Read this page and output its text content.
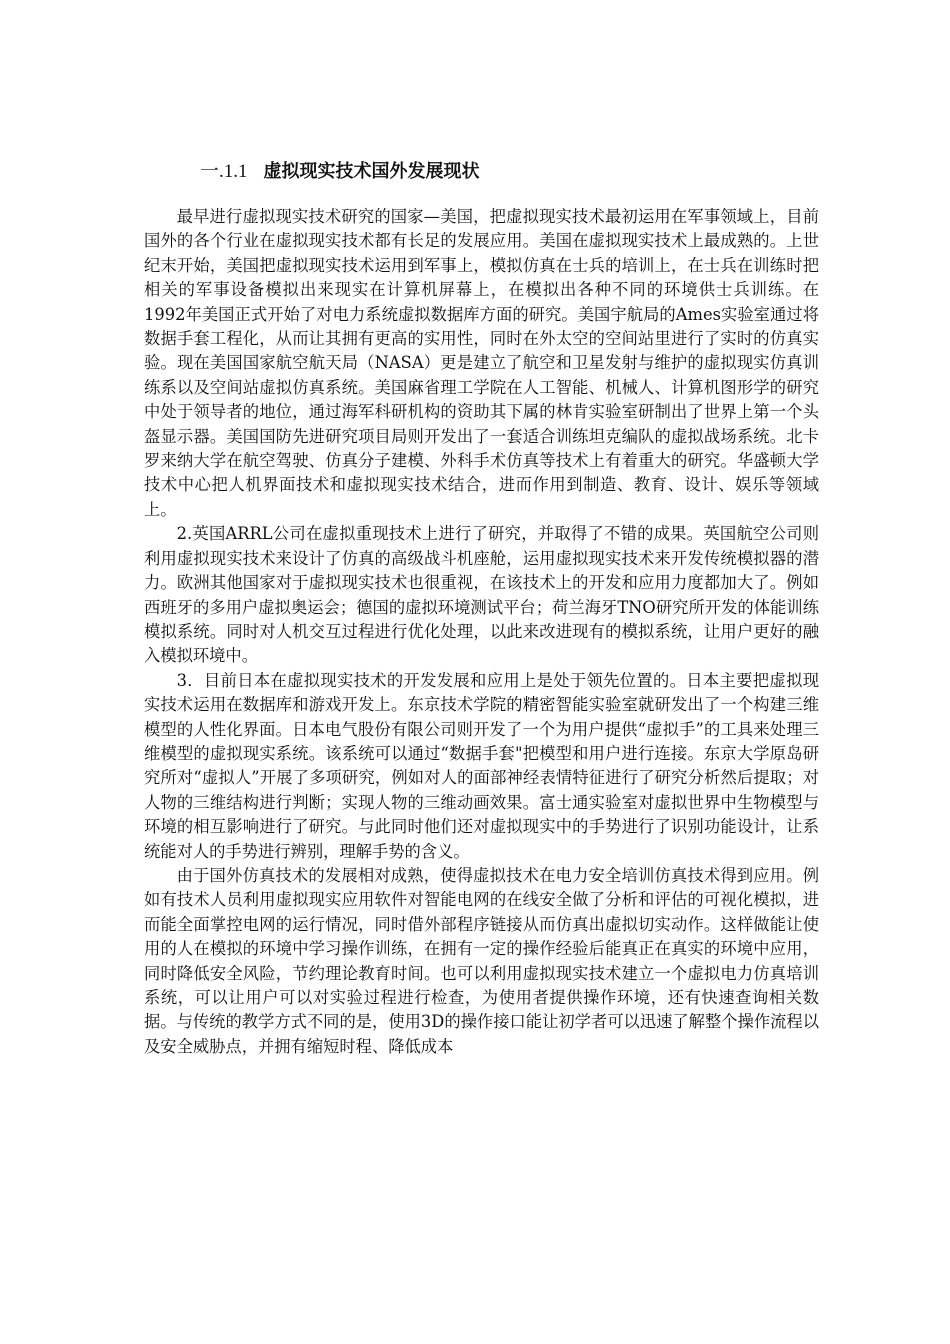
一.1.1 虚拟现实技术国外发展现状

最早进行虚拟现实技术研究的国家—美国，把虚拟现实技术最初运用在军事领域上，目前国外的各个行业在虚拟现实技术都有长足的发展应用。美国在虚拟现实技术上最成熟的。上世纪末开始，美国把虚拟现实技术运用到军事上，模拟仿真在士兵的培训上，在士兵在训练时把相关的军事设备模拟出来现实在计算机屏幕上，在模拟出各种不同的环境供士兵训练。在1992年美国正式开始了对电力系统虚拟数据库方面的研究。美国宇航局的Ames实验室通过将数据手套工程化，从而让其拥有更高的实用性，同时在外太空的空间站里进行了实时的仿真实验。现在美国国家航空航天局（NASA）更是建立了航空和卫星发射与维护的虚拟现实仿真训练系以及空间站虚拟仿真系统。美国麻省理工学院在人工智能、机械人、计算机图形学的研究中处于领导者的地位，通过海军科研机构的资助其下属的林肯实验室研制出了世界上第一个头盔显示器。美国国防先进研究项目局则开发出了一套适合训练坦克编队的虚拟战场系统。北卡罗来纳大学在航空驾驶、仿真分子建模、外科手术仿真等技术上有着重大的研究。华盛顿大学技术中心把人机界面技术和虚拟现实技术结合，进而作用到制造、教育、设计、娱乐等领域上。

2.英国ARRL公司在虚拟重现技术上进行了研究，并取得了不错的成果。英国航空公司则利用虚拟现实技术来设计了仿真的高级战斗机座舱，运用虚拟现实技术来开发传统模拟器的潜力。欧洲其他国家对于虚拟现实技术也很重视，在该技术上的开发和应用力度都加大了。例如西班牙的多用户虚拟奥运会；德国的虚拟环境测试平台；荷兰海牙TNO研究所开发的体能训练模拟系统。同时对人机交互过程进行优化处理，以此来改进现有的模拟系统，让用户更好的融入模拟环境中。

3．目前日本在虚拟现实技术的开发发展和应用上是处于领先位置的。日本主要把虚拟现实技术运用在数据库和游戏开发上。东京技术学院的精密智能实验室就研发出了一个构建三维模型的人性化界面。日本电气股份有限公司则开发了一个为用户提供“虚拟手”的工具来处理三维模型的虚拟现实系统。该系统可以通过“数据手套"把模型和用户进行连接。东京大学原岛研究所对“虚拟人”开展了多项研究，例如对人的面部神经表情特征进行了研究分析然后提取；对人物的三维结构进行判断；实现人物的三维动画效果。富士通实验室对虚拟世界中生物模型与环境的相互影响进行了研究。与此同时他们还对虚拟现实中的手势进行了识别功能设计，让系统能对人的手势进行辨别，理解手势的含义。

由于国外仿真技术的发展相对成熟，使得虚拟技术在电力安全培训仿真技术得到应用。例如有技术人员利用虚拟现实应用软件对智能电网的在线安全做了分析和评估的可视化模拟，进而能全面掌控电网的运行情况，同时借外部程序链接从而仿真出虚拟切实动作。这样做能让使用的人在模拟的环境中学习操作训练，在拥有一定的操作经验后能真正在真实的环境中应用，同时降低安全风险，节约理论教育时间。也可以利用虚拟现实技术建立一个虚拟电力仿真培训系统，可以让用户可以对实验过程进行检查，为使用者提供操作环境，还有快速查询相关数据。与传统的教学方式不同的是，使用3D的操作接口能让初学者可以迅速了解整个操作流程以及安全威胁点，并拥有缩短时程、降低成本
